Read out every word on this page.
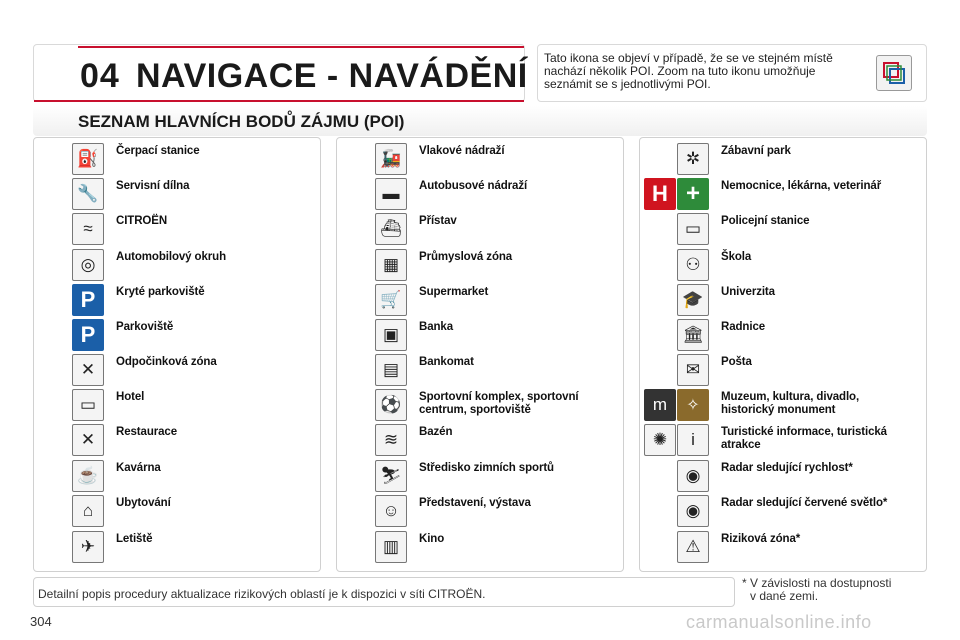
04 NAVIGACE - NAVÁDĚNÍ Tato ikona se objeví v případě, že se ve stejném místě nachází několik POI. Zoom na tuto ikonu umožňuje seznámit se s jednotlivými POI.
SEZNAM HLAVNÍCH BODŮ ZÁJMU (POI)
⛽	Čerpací stanice
🔧	Servisní dílna
≈	CITROËN
◎	Automobilový okruh
P	Kryté parkoviště
P	Parkoviště
✕	Odpočinková zóna
▭	Hotel
✕	Restaurace
☕	Kavárna
⌂	Ubytování
✈	Letiště
🚂	Vlakové nádraží
▬	Autobusové nádraží
⛴	Přístav
▦	Průmyslová zóna
🛒	Supermarket
▣	Banka
▤	Bankomat
⚽	Sportovní komplex, sportovní centrum, sportoviště
≋	Bazén
⛷	Středisko zimních sportů
☺	Představení, výstava
▥	Kino
✲	Zábavní park
H +	Nemocnice, lékárna, veterinář
▭	Policejní stanice
⚇	Škola
🎓	Univerzita
🏛	Radnice
✉	Pošta
m	✧	Muzeum, kultura, divadlo, historický monument
✺	i	Turistické informace, turistická atrakce
◉	Radar sledující rychlost*
◉	Radar sledující červené světlo*
⚠	Riziková zóna*
Detailní popis procedury aktualizace rizikových oblastí je k dispozici v síti CITROËN.
* V závislosti na dostupnosti
v dané zemi.
304	carmanualsonline.info
